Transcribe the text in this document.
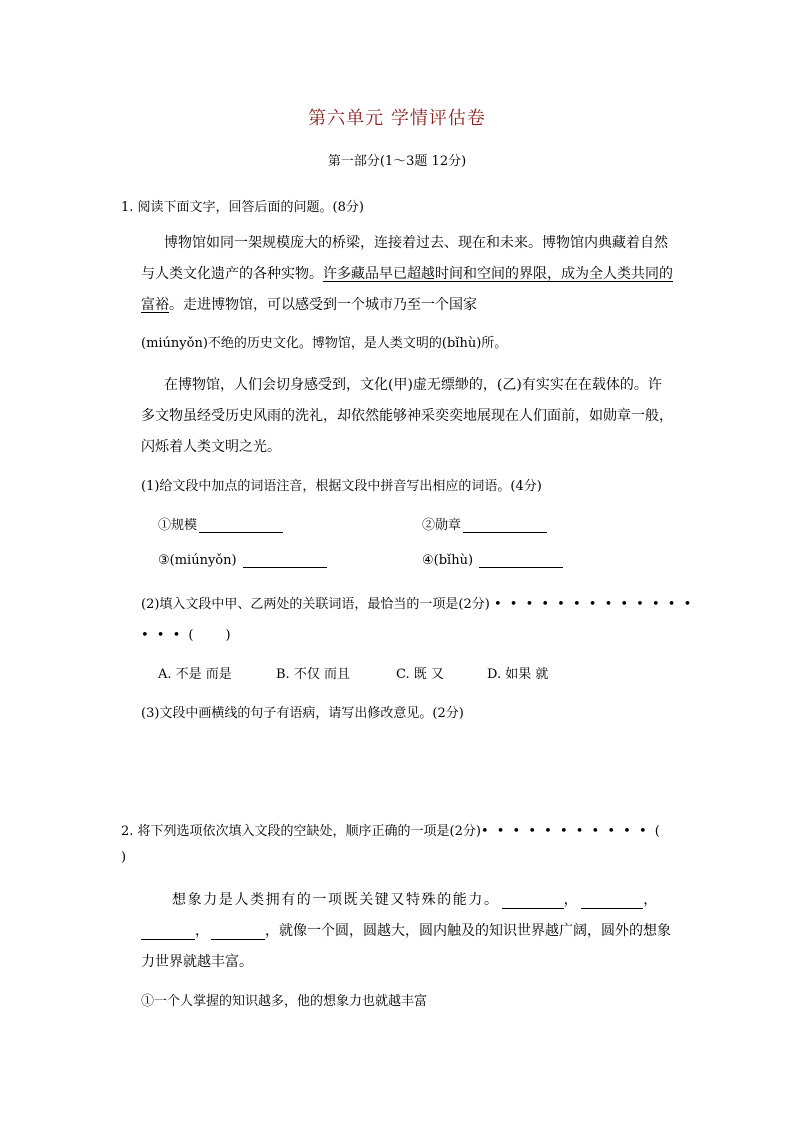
第六单元 学情评估卷
第一部分(1～3题 12分)
1. 阅读下面文字，回答后面的问题。(8分)
博物馆如同一架规模庞大的桥梁，连接着过去、现在和未来。博物馆内典藏着自然
与人类文化遗产的各种实物。许多藏品早已超越时间和空间的界限，成为全人类共同的
富裕。走进博物馆，可以感受到一个城市乃至一个国家
(miúnyǒn)不绝的历史文化。博物馆，是人类文明的(bǐhù)所。
在博物馆，人们会切身感受到，文化(甲)虚无缥缈的，(乙)有实实在在载体的。许
多文物虽经受历史风雨的洗礼，却依然能够神采奕奕地展现在人们面前，如勋章一般，
闪烁着人类文明之光。
(1)给文段中加点的词语注音，根据文段中拼音写出相应的词语。(4分)
①规模	②勋章
③(miúnyǒn)	④(bǐhù)
(2)填入文段中甲、乙两处的关联词语，最恰当的一项是(2分) • • • • • • • • • • • • •
• • • (　　)
A. 不是 而是	B. 不仅 而且	C. 既 又	D. 如果 就
(3)文段中画横线的句子有语病，请写出修改意见。(2分)
2. 将下列选项依次填入文段的空缺处，顺序正确的一项是(2分)• • • • • • • • • • • (
)
想象力是人类拥有的一项既关键又特殊的能力。	，	，
，	，就像一个圆，圆越大，圆内触及的知识世界越广阔，圆外的想象
力世界就越丰富。
①一个人掌握的知识越多，他的想象力也就越丰富
